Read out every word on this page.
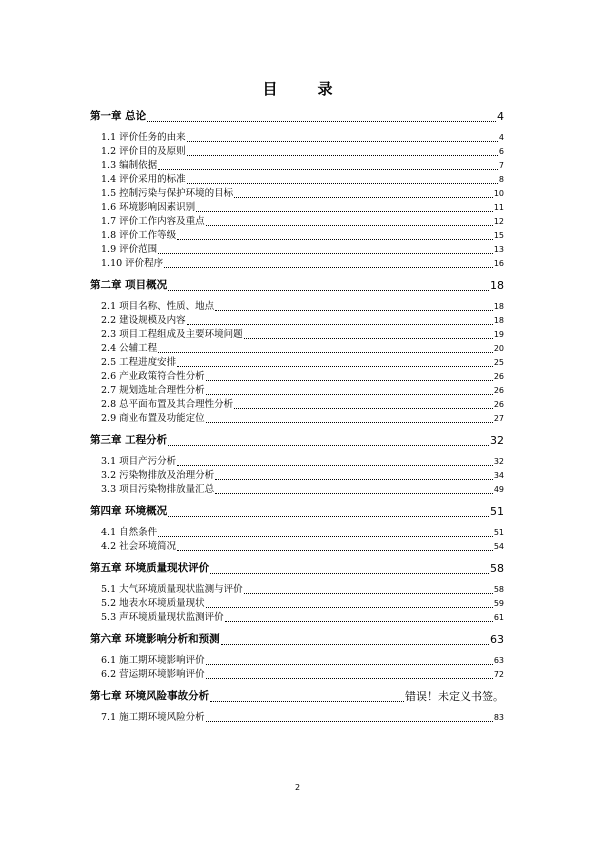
目	录
第一章 总论	4
1.1 评价任务的由来	4
1.2 评价目的及原则	6
1.3 编制依据	7
1.4 评价采用的标准	8
1.5 控制污染与保护环境的目标	10
1.6 环境影响因素识别	11
1.7 评价工作内容及重点	12
1.8 评价工作等级	15
1.9 评价范围	13
1.10 评价程序	16
第二章 项目概况	18
2.1 项目名称、性质、地点	18
2.2 建设规模及内容	18
2.3 项目工程组成及主要环境问题	19
2.4 公辅工程	20
2.5 工程进度安排	25
2.6 产业政策符合性分析	26
2.7 规划选址合理性分析	26
2.8 总平面布置及其合理性分析	26
2.9 商业布置及功能定位	27
第三章 工程分析	32
3.1 项目产污分析	32
3.2 污染物排放及治理分析	34
3.3 项目污染物排放量汇总	49
第四章 环境概况	51
4.1 自然条件	51
4.2 社会环境简况	54
第五章 环境质量现状评价	58
5.1 大气环境质量现状监测与评价	58
5.2 地表水环境质量现状	59
5.3 声环境质量现状监测评价	61
第六章 环境影响分析和预测	63
6.1 施工期环境影响评价	63
6.2 营运期环境影响评价	72
第七章 环境风险事故分析	错误！未定义书签。
7.1 施工期环境风险分析	83
2
